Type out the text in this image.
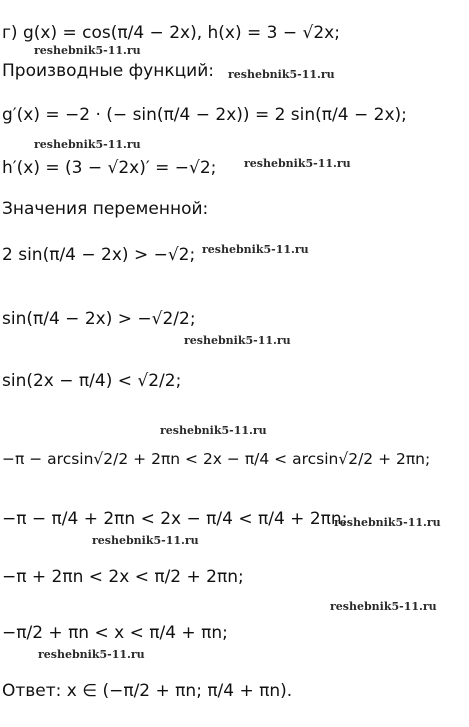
г) g(x) = cos(π/4 − 2x), h(x) = 3 − √2x;
reshebnik5-11.ru
Производные функций:	reshebnik5-11.ru
g′(x) = −2 · (− sin(π/4 − 2x)) = 2 sin(π/4 − 2x);
reshebnik5-11.ru
h′(x) = (3 − √2x)′ = −√2;	reshebnik5-11.ru
Значения переменной:
2 sin(π/4 − 2x) > −√2; reshebnik5-11.ru
sin(π/4 − 2x) > −√2/2;
reshebnik5-11.ru
sin(2x − π/4) < √2/2;
reshebnik5-11.ru
−π − arcsin√2/2 + 2πn < 2x − π/4 < arcsin√2/2 + 2πn;
−π − π/4 + 2πn < 2x − π/4 < π/4 + 2πn;
reshebnik5-11.ru
reshebnik5-11.ru
−π + 2πn < 2x < π/2 + 2πn;
reshebnik5-11.ru
−π/2 + πn < x < π/4 + πn;
reshebnik5-11.ru
Ответ: x ∈ (−π/2 + πn; π/4 + πn).
